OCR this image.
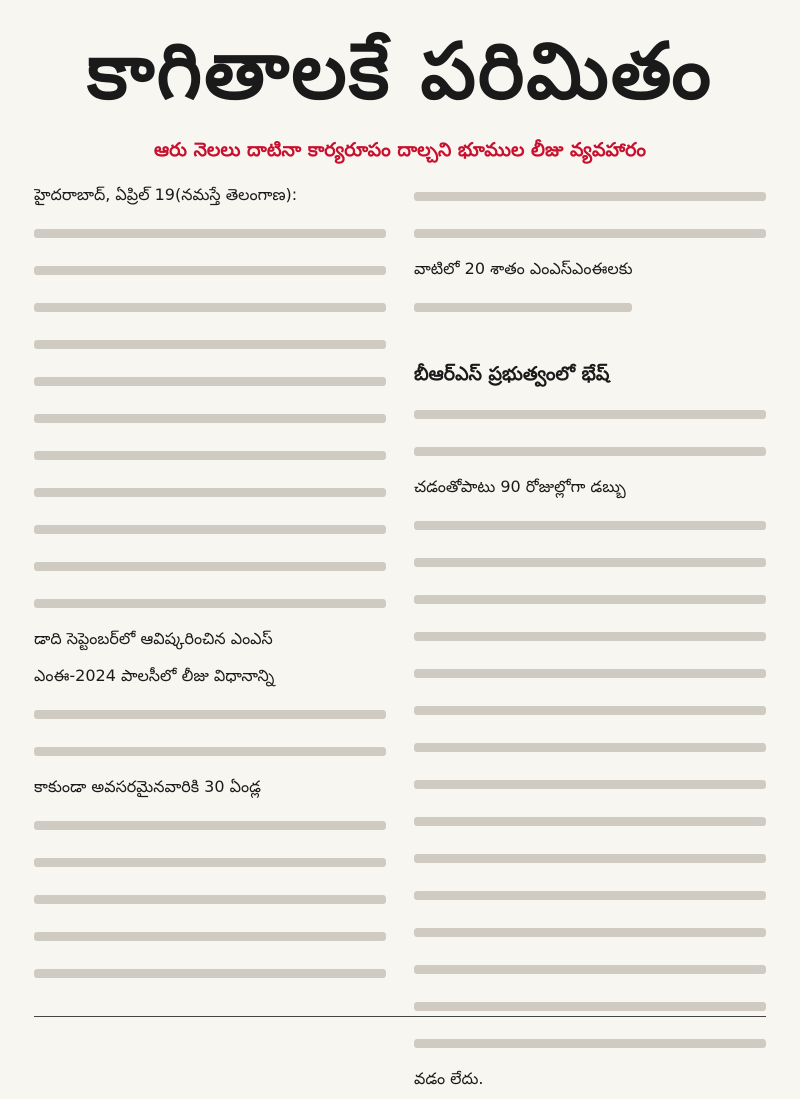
కాగితాలకే పరిమితం
ఆరు నెలలు దాటినా కార్యరూపం దాల్చని భూముల లీజు వ్యవహారం
హైదరాబాద్, ఏప్రిల్ 19(నమస్తే తెలంగాణ):
డాది సెప్టెంబర్‌లో ఆవిష్కరించిన ఎంఎస్
ఎంఈ-2024 పాలసీలో లీజు విధానాన్ని
కాకుండా అవసరమైనవారికి 30 ఏండ్ల
వాటిలో 20 శాతం ఎంఎస్ఎంఈలకు
బీఆర్ఎస్ ప్రభుత్వంలో భేష్
చడంతోపాటు 90 రోజుల్లోగా డబ్బు
వడం లేదు.
